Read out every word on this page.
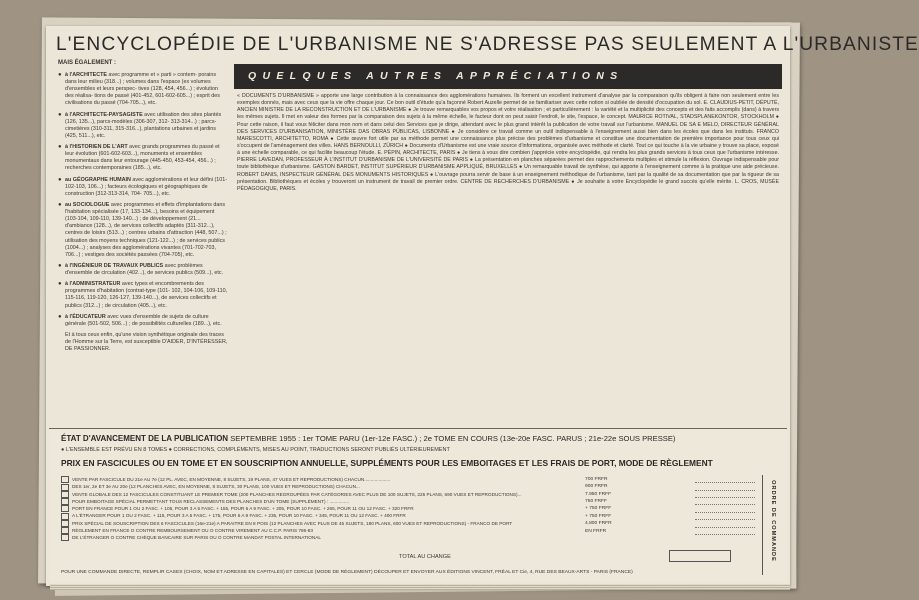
L'ENCYCLOPÉDIE DE L'URBANISME NE S'ADRESSE PAS SEULEMENT A L'URBANISTE
MAIS ÉGALEMENT :
● à l'ARCHITECTE avec programme et « parti » contem- porains dans leur milieu (318...) ; volumes dans l'espace (ex volumes d'ensembles et leurs perspec- tives (128, 454, 456...) ; évolution des réalisa- tions de passé (401-452, 601-602-605...) ; esprit des civilisations du passé (704-705...), etc.
● à l'ARCHITECTE-PAYSAGISTE avec utilisation des sites plantés (126, 135...), parcs-modèles (306-307, 312- 313-314...) ; parcs-cimetières (310-311, 315-316...), plantations urbaines et jardins (425, 511...), etc.
● à l'HISTORIEN DE L'ART avec grands programmes du passé et leur évolution (601-602-603...), monuments et ensembles monumentaux dans leur entourage (445-450, 453-454, 456...) ; recherches contemporaines (185...), etc.
● au GÉOGRAPHE HUMAIN avec agglomérations et leur défini (101-102-103, 106...) ; facteurs écologiques et géographiques de construction (312-313-314, 704- 705...), etc.
● au SOCIOLOGUE avec programmes et effets d'implantations dans l'habitation spécialisée (17, 133-134...), besoins et équipement (103-104, 109-110, 139-140...) ; de développement (21... d'ambiance (128...), de services collectifs adaptés (311-312...), centres de loisirs (513...) ; centres urbains d'attraction (448, 507...) ; utilisation des moyens techniques (121-122...) ; de services publics (1004...) ; analyses des agglomérations vivantes (701-702-703, 706...) ; vestiges des sociétés passées (704-705), etc.
● à l'INGÉNIEUR DE TRAVAUX PUBLICS avec problèmes d'ensemble de circulation (402...), de services publics (509...), etc.
● à l'ADMINISTRATEUR avec types et encombrements des programmes d'habitation (contrat-type (101- 102, 104-106, 109-110, 115-116, 119-120, 126-127, 139-140...), de services collectifs et publics (312...) ; de circulation (405...), etc.
● à l'ÉDUCATEUR avec vues d'ensemble de sujets de culture générale (501-502, 506...) ; de possibilités culturelles (189...), etc.
Et à tous ceux enfin, qu'une vision synthétique originale des traces de l'Homme sur la Terre, est susceptible D'AIDER, D'INTÉRESSER, DE PASSIONNER.
QUELQUES AUTRES APPRÉCIATIONS
« DOCUMENTS D'URBANISME » apporte une large contribution à la connaissance des agglomérations humaines. Ils forment un excellent instrument d'analyse par la comparaison qu'ils obligent à faire non seulement entre les exemples donnés, mais avec ceux que la vie offre chaque jour. Ce bon outil d'étude qu'a façonné Robert Auzelle permet de se familiariser avec cette notion si oubliée de densité d'occupation du sol. E. CLAUDIUS-PETIT, DÉPUTÉ, ANCIEN MINISTRE DE LA RECONSTRUCTION ET DE L'URBANISME ● Je trouve remarquables vos propos et votre réalisation ; et particulièrement : la variété et la multiplicité des concepts et des faits accomplis (dans) à travers les mêmes sujets. Il met en valeur des formes par la comparaison des sujets à la même échelle, le facteur dont on peut saisir l'endroit, le site, l'espace, le concept. MAURICE ROTIVAL, STADSPLANEKONTOR, STOCKHOLM ● Pour cette raison, il faut vous féliciter dans mon nom et dans celui des Services que je dirige, attendant avec le plus grand intérêt la publication de votre travail sur l'urbanisme. MANUEL DE SA E MELO, DIRECTEUR GÉNÉRAL DES SERVICES D'URBANISATION, MINISTÈRE DAS OBRAS PÚBLICAS, LISBONNE ● Je considère ce travail comme un outil indispensable à l'enseignement aussi bien dans les écoles que dans les instituts. FRANCO MARESCOTTI, ARCHITETTO, ROMA ● Cette œuvre fort utile par sa méthode permet une connaissance plus précise des problèmes d'urbanisme et constitue une documentation de première importance pour tous ceux qui s'occupent de l'aménagement des villes. HANS BERNOULLI, ZÜRICH ● Documents d'Urbanisme est une vraie source d'informations, organisée avec méthode et clarté. Tout ce qui touche à la vie urbaine y trouve sa place, exposé à une échelle comparable, ce qui facilite beaucoup l'étude. E. PÉPIN, ARCHITECTE, PARIS ● Je tiens à vous dire combien j'apprécie votre encyclopédie, qui rendra les plus grands services à tous ceux que l'urbanisme intéresse. PIERRE LAVEDAN, PROFESSEUR À L'INSTITUT D'URBANISME DE L'UNIVERSITÉ DE PARIS ● La présentation en planches séparées permet des rapprochements multiples et stimule la réflexion. Ouvrage indispensable pour toute bibliothèque d'urbanisme. GASTON BARDET, INSTITUT SUPÉRIEUR D'URBANISME APPLIQUÉ, BRUXELLES ● Un remarquable travail de synthèse, qui apporte à l'enseignement comme à la pratique une aide précieuse. ROBERT DANIS, INSPECTEUR GÉNÉRAL DES MONUMENTS HISTORIQUES ● L'ouvrage pourra servir de base à un enseignement méthodique de l'urbanisme, tant par la qualité de sa documentation que par la rigueur de sa présentation. Bibliothèques et écoles y trouveront un instrument de travail de premier ordre. CENTRE DE RECHERCHES D'URBANISME ● Je souhaite à votre Encyclopédie le grand succès qu'elle mérite. L. CROS, MUSÉE PÉDAGOGIQUE, PARIS.
ÉTAT D'AVANCEMENT DE LA PUBLICATION SEPTEMBRE 1955 : 1er TOME PARU (1er-12e FASC.) ; 2e TOME EN COURS (13e-20e FASC. PARUS ; 21e-22e SOUS PRESSE)
● L'ENSEMBLE EST PRÉVU EN 8 TOMES ● CORRECTIONS, COMPLÉMENTS, MISES AU POINT, TRADUCTIONS SERONT PUBLIÉS ULTÉRIEUREMENT
PRIX EN FASCICULES OU EN TOME ET EN SOUSCRIPTION ANNUELLE, SUPPLÉMENTS POUR LES EMBOITAGES ET LES FRAIS DE PORT, MODE DE RÈGLEMENT
VENTE PAR FASCICULE DU 21e AU 7e (12 PL. AVEC, EN MOYENNE, 8 SUJETS, 19 PLANS, 47 VUES ET REPRODUCTIONS) CHACUN....................
DES 1er, 2e ET 3e AU 20e (12 PLANCHES AVEC, EN MOYENNE, 8 SUJETS, 30 PLANS, 100 VUES ET REPRODUCTIONS) CHACUN...
VENTE GLOBALE DES 12 FASCICULES CONSTITUANT LE PREMIER TOME (200 PLANCHES REGROUPÉES PAR CATÉGORIES AVEC PLUS DE 100 SUJETS, 225 PLANS, 690 VUES ET REPRODUCTIONS)...
POUR EMBOITAGE SPÉCIAL PERMETTANT TOUS RECLASSEMENTS DES PLANCHES D'UN TOME (SUPPLÉMENT) : ...............
PORT EN FRANCE POUR 1 OU 2 FASC. + 105, POUR 3 A 5 FASC. + 155, POUR 6 A 9 FASC. + 205, POUR 10 FASC. + 265, POUR 11 OU 12 FASC. + 320 FRFR
A L'ÉTRANGER POUR 1 OU 2 FASC. + 115, POUR 3 A 5 FASC. + 175, POUR 6 A 9 FASC. + 235, POUR 10 FASC. + 345, POUR 11 OU 12 FASC. + 400 FRFR
PRIX SPÉCIAL DE SOUSCRIPTION DES 6 FASCICULES (16e-21e) A PARAITRE EN 8 POIS (12 PLANCHES AVEC PLUS DE 45 SUJETS, 180 PLANS, 600 VUES ET REPRODUCTIONS) - FRANCO DE PORT
RÈGLEMENT EN FRANCE O CONTRE REMBOURSEMENT OU O CONTRE VIREMENT AU C.C.P. PARIS 786-83
DE L'ÉTRANGER O CONTRE CHÈQUE BANCAIRE SUR PARIS OU O CONTRE MANDAT POSTAL INTERNATIONAL
700 FRFR
900 FRFR
7.950 FRFF
750 FRFF
+ 750 FRFF
+ 750 FRFF
4.800 FRFR
EN FRFR
TOTAL AU CHANGE	ORDRE DE COMMANDE
POUR UNE COMMANDE DIRECTE, REMPLIR CASES (CHOIX, NOM ET ADRESSE EN CAPITALES) ET CERCLE (MODE DE RÈGLEMENT) DÉCOUPER ET ENVOYER AUX ÉDITIONS VINCENT, FRÉAL ET Cie, 4, RUE DES BEAUX-ARTS - PARIS (FRANCE)
